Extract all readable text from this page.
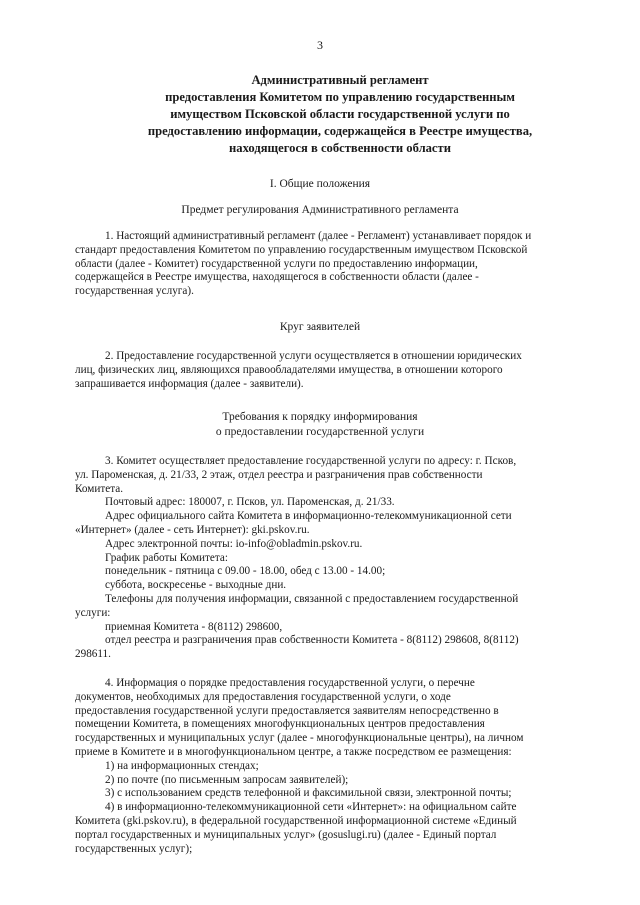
3
Административный регламент
предоставления Комитетом по управлению государственным
имуществом Псковской области государственной услуги по
предоставлению информации, содержащейся в Реестре имущества,
находящегося в собственности области
I. Общие положения
Предмет регулирования Административного регламента
1. Настоящий административный регламент (далее - Регламент) устанавливает порядок и
стандарт предоставления Комитетом по управлению государственным имуществом Псковской
области (далее - Комитет) государственной услуги по предоставлению информации,
содержащейся в Реестре имущества, находящегося в собственности области (далее -
государственная услуга).
Круг заявителей
2. Предоставление государственной услуги осуществляется в отношении юридических
лиц, физических лиц, являющихся правообладателями имущества, в отношении которого
запрашивается информация (далее - заявители).
Требования к порядку информирования
о предоставлении государственной услуги
3. Комитет осуществляет предоставление государственной услуги по адресу: г. Псков,
ул. Пароменская, д. 21/33, 2 этаж, отдел реестра и разграничения прав собственности
Комитета.
Почтовый адрес: 180007, г. Псков, ул. Пароменская, д. 21/33.
Адрес официального сайта Комитета в информационно-телекоммуникационной сети
«Интернет» (далее - сеть Интернет): gki.pskov.ru.
Адрес электронной почты: io-info@obladmin.pskov.ru.
График работы Комитета:
понедельник - пятница с 09.00 - 18.00, обед с 13.00 - 14.00;
суббота, воскресенье - выходные дни.
Телефоны для получения информации, связанной с предоставлением государственной
услуги:
приемная Комитета - 8(8112) 298600,
отдел реестра и разграничения прав собственности Комитета - 8(8112) 298608, 8(8112)
298611.
4. Информация о порядке предоставления государственной услуги, о перечне
документов, необходимых для предоставления государственной услуги, о ходе
предоставления государственной услуги предоставляется заявителям непосредственно в
помещении Комитета, в помещениях многофункциональных центров предоставления
государственных и муниципальных услуг (далее - многофункциональные центры), на личном
приеме в Комитете и в многофункциональном центре, а также посредством ее размещения:
1) на информационных стендах;
2) по почте (по письменным запросам заявителей);
3) с использованием средств телефонной и факсимильной связи, электронной почты;
4) в информационно-телекоммуникационной сети «Интернет»: на официальном сайте
Комитета (gki.pskov.ru), в федеральной государственной информационной системе «Единый
портал государственных и муниципальных услуг» (gosuslugi.ru) (далее - Единый портал
государственных услуг);
